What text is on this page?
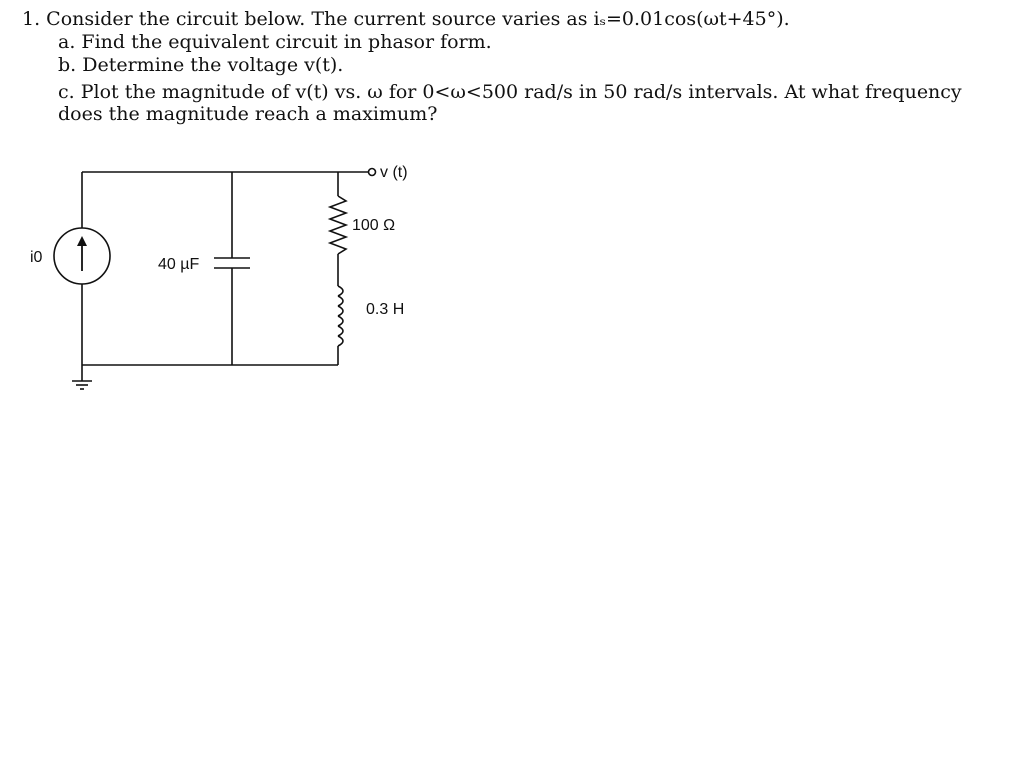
1. Consider the circuit below. The current source varies as iₛ=0.01cos(ωt+45°).

a. Find the equivalent circuit in phasor form.

b. Determine the voltage v(t).

c. Plot the magnitude of v(t) vs. ω for 0<ω<500 rad/s in 50 rad/s intervals. At what frequency does the magnitude reach a maximum?

i0	40 µF
100 Ω
0.3 H
v (t)
